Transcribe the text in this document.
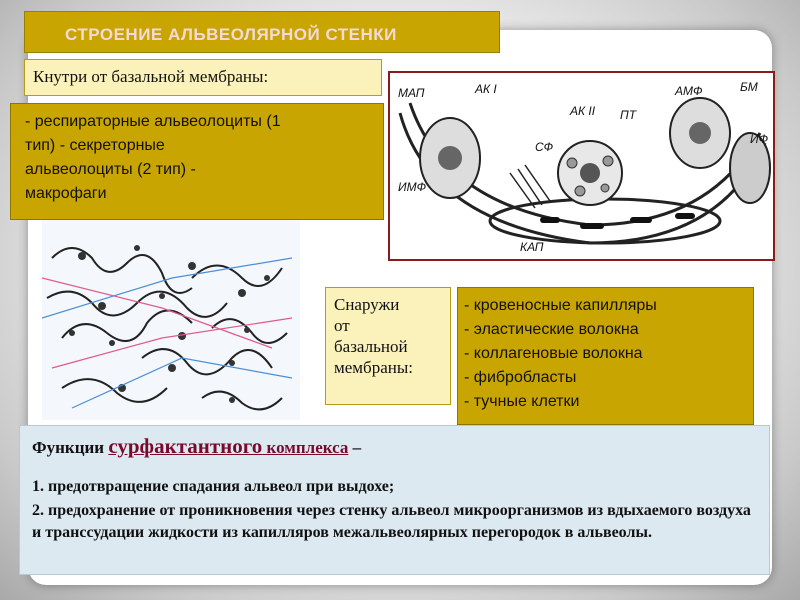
СТРОЕНИЕ АЛЬВЕОЛЯРНОЙ СТЕНКИ
Кнутри от базальной мембраны:
- респираторные альвеолоциты (1
тип) - секреторные
альвеолоциты (2 тип) -
макрофаги
МАП	АК I
АК II ПТ
АМФ	БМ
СФ
ИМФ
ИФ
КАП
Снаружи
от
базальной
мембраны:
- кровеносные капилляры
- эластические волокна
- коллагеновые волокна
- фибробласты
- тучные клетки
Функции сурфактантного комплекса –
1. предотвращение спадания альвеол при выдохе;
2. предохранение от проникновения через стенку альвеол микроорганизмов из вдыхаемого воздуха и транссудации жидкости из капилляров межальвеолярных перегородок в альвеолы.
